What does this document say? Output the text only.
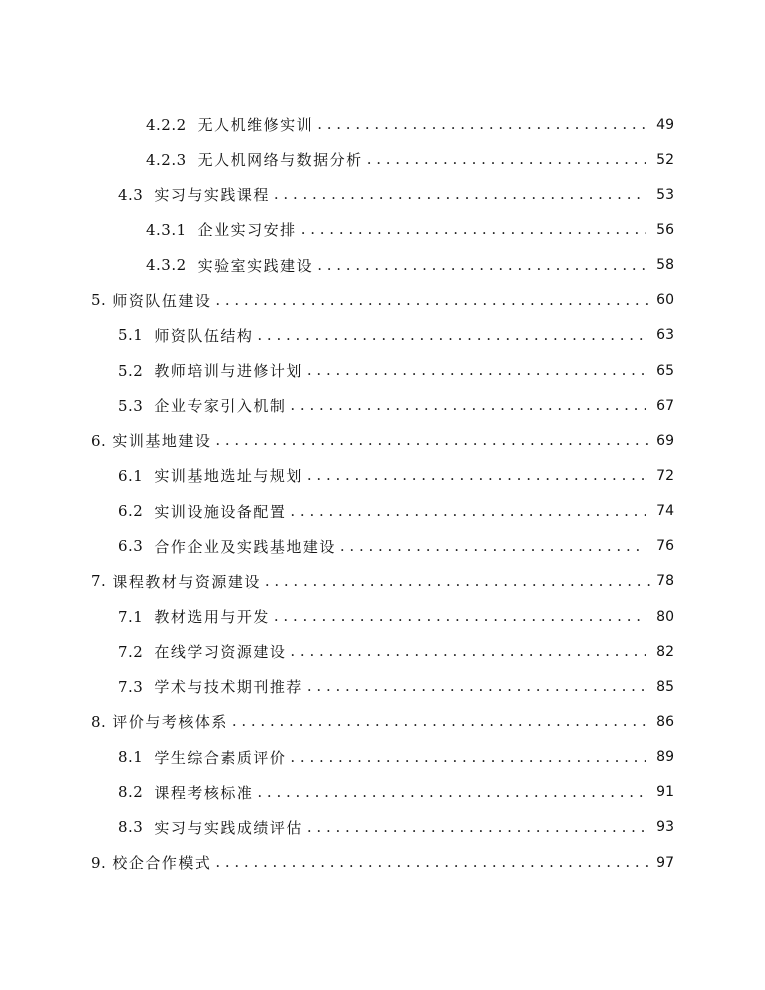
4.2.2 无人机维修实训 . . .	49
4.2.3 无人机网络与数据分析 . . .	52
4.3 实习与实践课程 . . .	53
4.3.1 企业实习安排 . . .	56
4.3.2 实验室实践建设 . . .	58
5. 师资队伍建设 . . .	60
5.1 师资队伍结构 . . .	63
5.2 教师培训与进修计划 . . .	65
5.3 企业专家引入机制 . . .	67
6. 实训基地建设 . . .	69
6.1 实训基地选址与规划 . . .	72
6.2 实训设施设备配置 . . .	74
6.3 合作企业及实践基地建设 . . .	76
7. 课程教材与资源建设 . . .	78
7.1 教材选用与开发 . . .	80
7.2 在线学习资源建设 . . .	82
7.3 学术与技术期刊推荐 . . .	85
8. 评价与考核体系 . . .	86
8.1 学生综合素质评价 . . .	89
8.2 课程考核标准 . . .	91
8.3 实习与实践成绩评估 . . .	93
9. 校企合作模式 . . .	97
